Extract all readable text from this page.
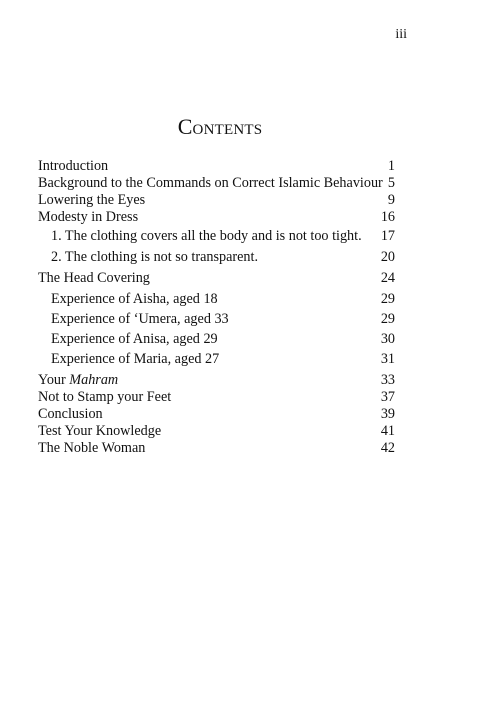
iii
Contents
Introduction	1
Background to the Commands on Correct Islamic Behaviour 5
Lowering the Eyes	9
Modesty in Dress	16
1. The clothing covers all the body and is not too tight. 17
2. The clothing is not so transparent.	20
The Head Covering	24
Experience of Aisha, aged 18	29
Experience of ‘Umera, aged 33	29
Experience of Anisa, aged 29	30
Experience of Maria, aged 27	31
Your Mahram	33
Not to Stamp your Feet	37
Conclusion	39
Test Your Knowledge	41
The Noble Woman	42
